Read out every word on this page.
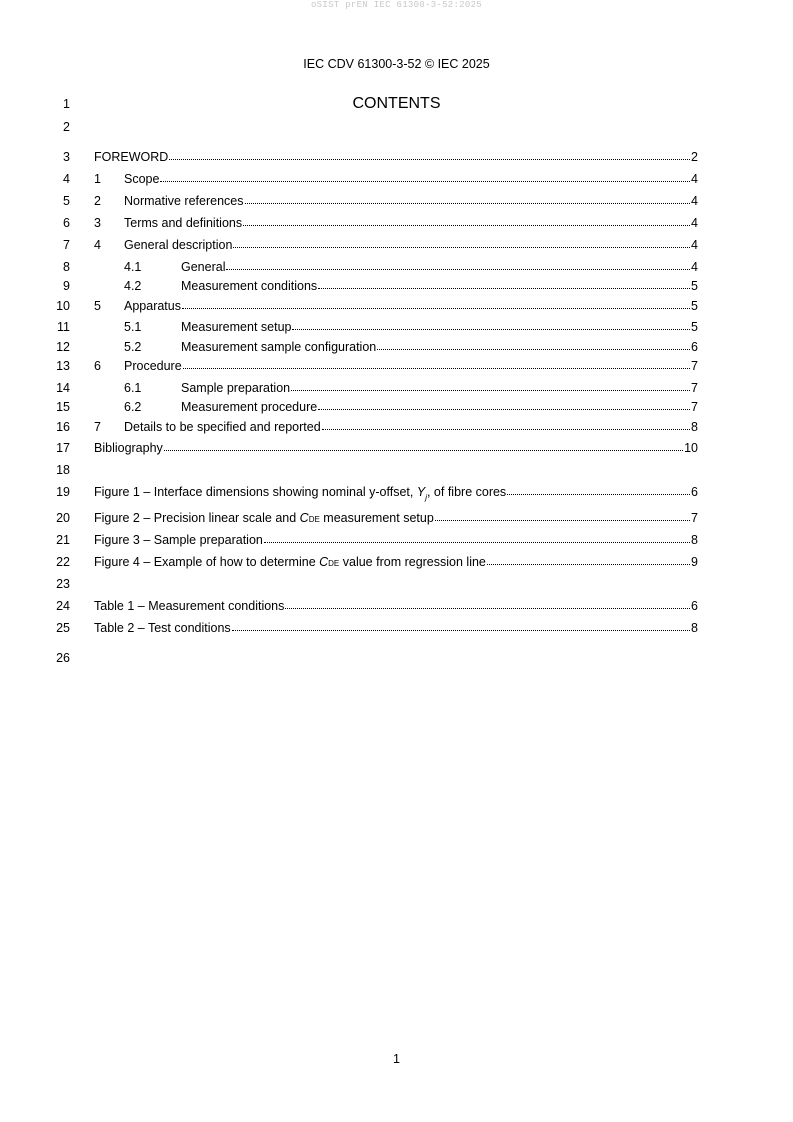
oSIST prEN IEC 61300-3-52:2025
IEC CDV 61300-3-52 © IEC 2025
1
2
3
4
5
6
7
8
9
10
11
12
13
14
15
16
17
18
19
20
21
22
23
24
25
26
CONTENTS
FOREWORD	2
1	Scope	4
2	Normative references	4
3	Terms and definitions	4
4	General description	4
4.1	General	4
4.2	Measurement conditions	5
5	Apparatus	5
5.1	Measurement setup	5
5.2	Measurement sample configuration	6
6	Procedure	7
6.1	Sample preparation	7
6.2	Measurement procedure	7
7	Details to be specified and reported	8
Bibliography	10
Figure 1 – Interface dimensions showing nominal y-offset, $Y_j$, of fibre cores	6
Figure 2 – Precision linear scale and CDE measurement setup	7
Figure 3 – Sample preparation	8
Figure 4 – Example of how to determine CDE value from regression line	9
Table 1 – Measurement conditions	6
Table 2 – Test conditions	8
1
